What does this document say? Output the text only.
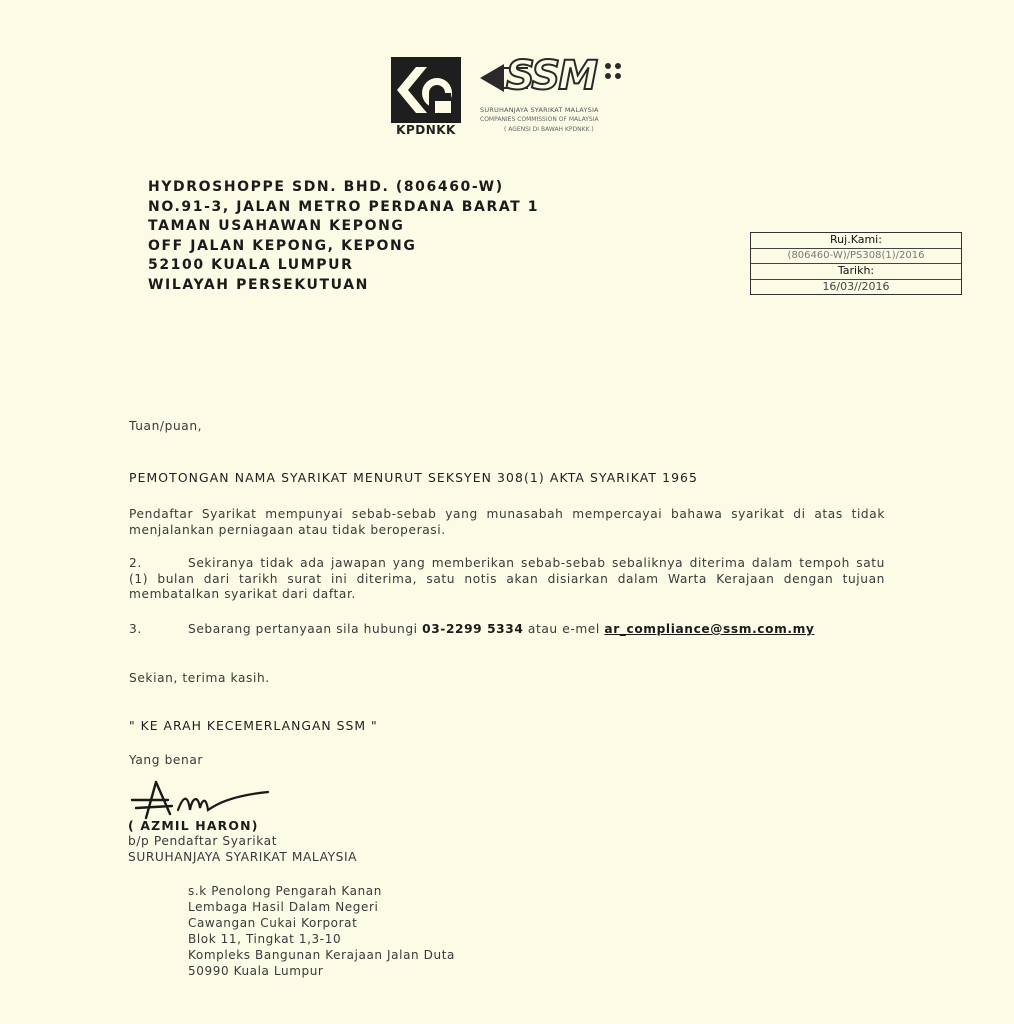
KPDNKK
SSM
SURUHANJAYA SYARIKAT MALAYSIA
COMPANIES COMMISSION OF MALAYSIA
( AGENSI DI BAWAH KPDNKK )
HYDROSHOPPE SDN. BHD. (806460-W)
NO.91-3, JALAN METRO PERDANA BARAT 1
TAMAN USAHAWAN KEPONG
OFF JALAN KEPONG, KEPONG
52100 KUALA LUMPUR
WILAYAH PERSEKUTUAN
Ruj.Kami:
(806460-W)/PS308(1)/2016
Tarikh:
16/03//2016
Tuan/puan,
PEMOTONGAN NAMA SYARIKAT MENURUT SEKSYEN 308(1) AKTA SYARIKAT 1965
Pendaftar Syarikat mempunyai sebab-sebab yang munasabah mempercayai bahawa syarikat di atas tidak menjalankan perniagaan atau tidak beroperasi.
2.	Sekiranya tidak ada jawapan yang memberikan sebab-sebab sebaliknya diterima dalam tempoh satu (1) bulan dari tarikh surat ini diterima, satu notis akan disiarkan dalam Warta Kerajaan dengan tujuan membatalkan syarikat dari daftar.
3.	Sebarang pertanyaan sila hubungi 03-2299 5334 atau e-mel ar_compliance@ssm.com.my
Sekian, terima kasih.
" KE ARAH KECEMERLANGAN SSM "
Yang benar
( AZMIL HARON)
b/p Pendaftar Syarikat
SURUHANJAYA SYARIKAT MALAYSIA
s.k Penolong Pengarah Kanan
Lembaga Hasil Dalam Negeri
Cawangan Cukai Korporat
Blok 11, Tingkat 1,3-10
Kompleks Bangunan Kerajaan Jalan Duta
50990 Kuala Lumpur
